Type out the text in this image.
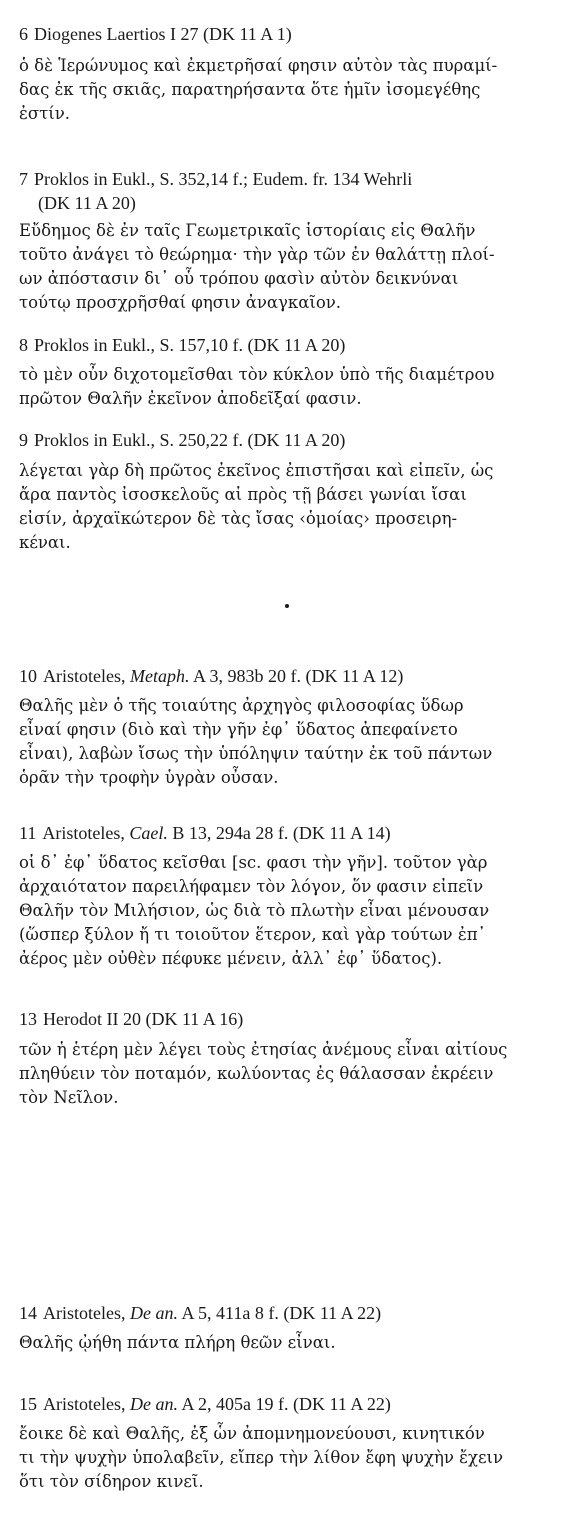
6 Diogenes Laertios I 27 (DK 11 A 1)
ὁ δὲ Ἱερώνυμος καὶ ἐκμετρῆσαί φησιν αὐτὸν τὰς πυραμί-
δας ἐκ τῆς σκιᾶς, παρατηρήσαντα ὅτε ἡμῖν ἰσομεγέθης
ἐστίν.
7 Proklos in Eukl., S. 352,14 f.; Eudem. fr. 134 Wehrli
(DK 11 A 20)
Εὔδημος δὲ ἐν ταῖς Γεωμετρικαῖς ἱστορίαις εἰς Θαλῆν
τοῦτο ἀνάγει τὸ θεώρημα· τὴν γὰρ τῶν ἐν θαλάττῃ πλοί-
ων ἀπόστασιν δι᾽ οὗ τρόπου φασὶν αὐτὸν δεικνύναι
τούτῳ προσχρῆσθαί φησιν ἀναγκαῖον.
8 Proklos in Eukl., S. 157,10 f. (DK 11 A 20)
τὸ μὲν οὖν διχοτομεῖσθαι τὸν κύκλον ὑπὸ τῆς διαμέτρου
πρῶτον Θαλῆν ἐκεῖνον ἀποδεῖξαί φασιν.
9 Proklos in Eukl., S. 250,22 f. (DK 11 A 20)
λέγεται γὰρ δὴ πρῶτος ἐκεῖνος ἐπιστῆσαι καὶ εἰπεῖν, ὡς
ἄρα παντὸς ἰσοσκελοῦς αἱ πρὸς τῇ βάσει γωνίαι ἴσαι
εἰσίν, ἀρχαϊκώτερον δὲ τὰς ἴσας ‹ὁμοίας› προσειρη-
κέναι.
10 Aristoteles, Metaph. A 3, 983b 20 f. (DK 11 A 12)
Θαλῆς μὲν ὁ τῆς τοιαύτης ἀρχηγὸς φιλοσοφίας ὕδωρ
εἶναί φησιν (διὸ καὶ τὴν γῆν ἐφ᾽ ὕδατος ἀπεφαίνετο
εἶναι), λαβὼν ἴσως τὴν ὑπόληψιν ταύτην ἐκ τοῦ πάντων
ὁρᾶν τὴν τροφὴν ὑγρὰν οὖσαν.
11 Aristoteles, Cael. B 13, 294a 28 f. (DK 11 A 14)
οἱ δ᾽ ἐφ᾽ ὕδατος κεῖσθαι [sc. φασι τὴν γῆν]. τοῦτον γὰρ
ἀρχαιότατον παρειλήφαμεν τὸν λόγον, ὅν φασιν εἰπεῖν
Θαλῆν τὸν Μιλήσιον, ὡς διὰ τὸ πλωτὴν εἶναι μένουσαν
(ὥσπερ ξύλον ἤ τι τοιοῦτον ἕτερον, καὶ γὰρ τούτων ἐπ᾽
ἀέρος μὲν οὐθὲν πέφυκε μένειν, ἀλλ᾽ ἐφ᾽ ὕδατος).
13 Herodot II 20 (DK 11 A 16)
τῶν ἡ ἑτέρη μὲν λέγει τοὺς ἐτησίας ἀνέμους εἶναι αἰτίους
πληθύειν τὸν ποταμόν, κωλύοντας ἐς θάλασσαν ἐκρέειν
τὸν Νεῖλον.
14 Aristoteles, De an. A 5, 411a 8 f. (DK 11 A 22)
Θαλῆς ᾠήθη πάντα πλήρη θεῶν εἶναι.
15 Aristoteles, De an. A 2, 405a 19 f. (DK 11 A 22)
ἔοικε δὲ καὶ Θαλῆς, ἐξ ὧν ἀπομνημονεύουσι, κινητικόν
τι τὴν ψυχὴν ὑπολαβεῖν, εἴπερ τὴν λίθον ἔφη ψυχὴν ἔχειν
ὅτι τὸν σίδηρον κινεῖ.
